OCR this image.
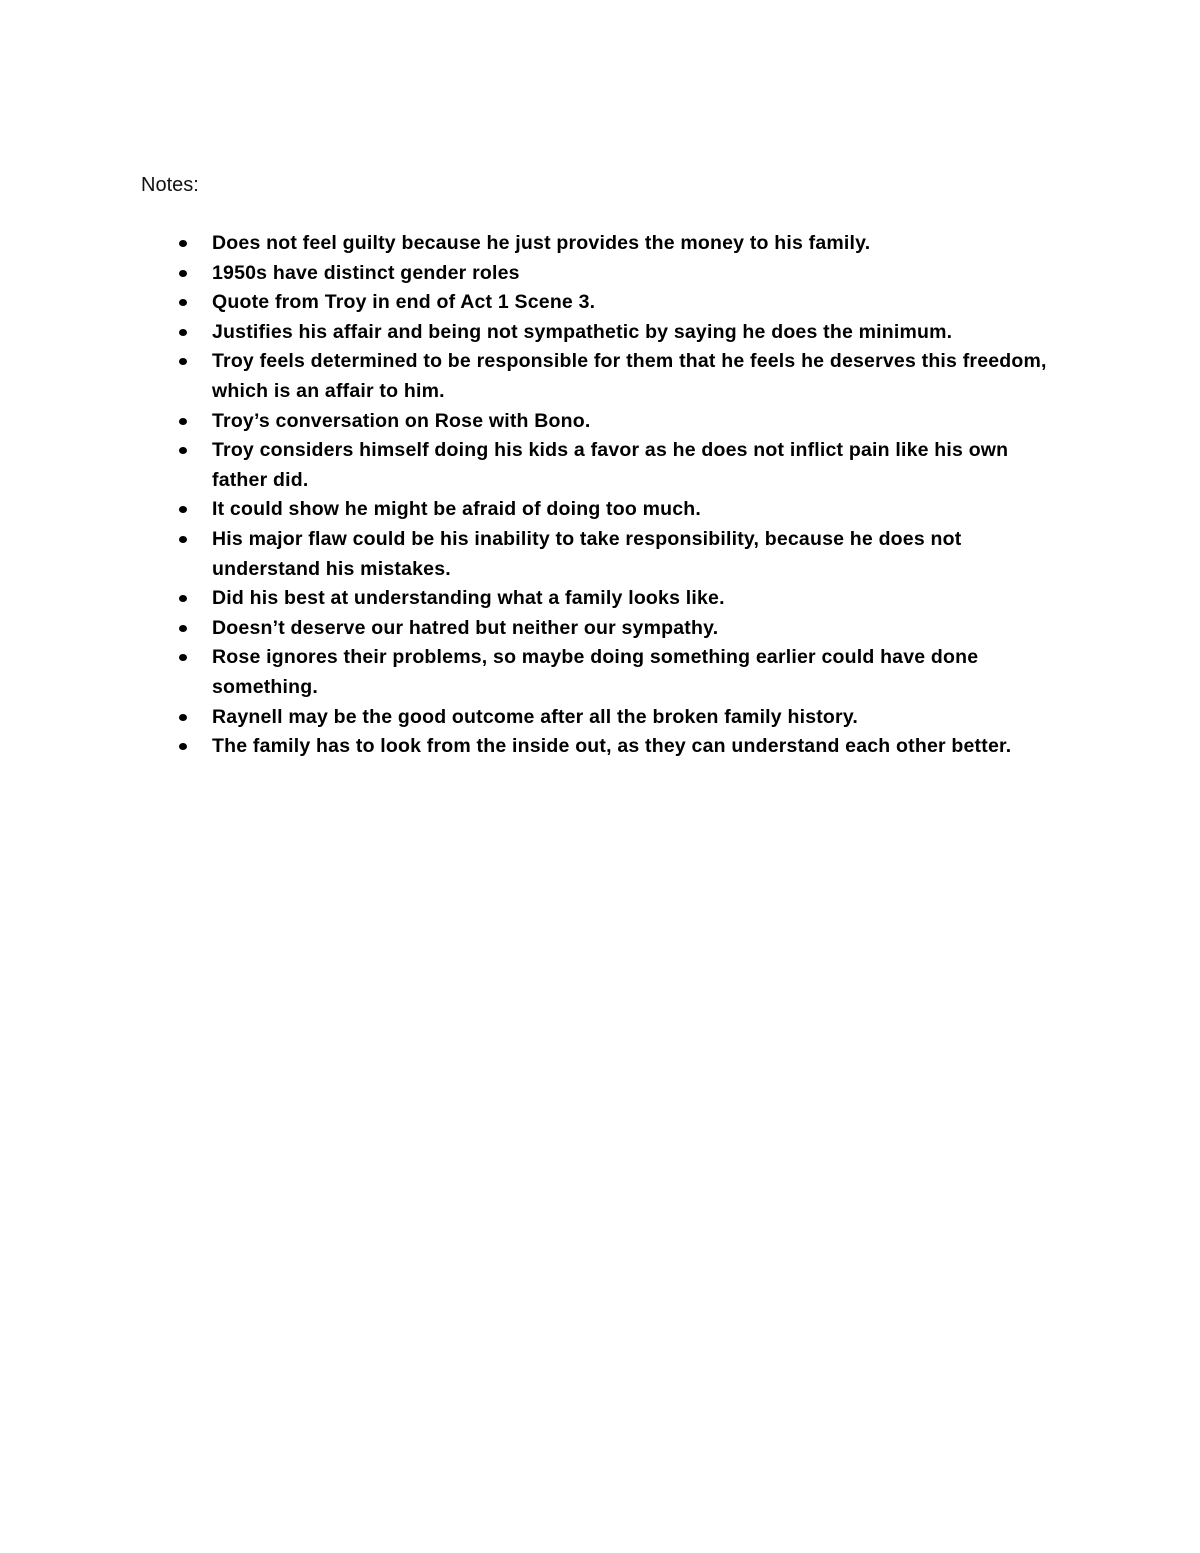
Notes:
Does not feel guilty because he just provides the money to his family.
1950s have distinct gender roles
Quote from Troy in end of Act 1 Scene 3.
Justifies his affair and being not sympathetic by saying he does the minimum.
Troy feels determined to be responsible for them that he feels he deserves this freedom, which is an affair to him.
Troy’s conversation on Rose with Bono.
Troy considers himself doing his kids a favor as he does not inflict pain like his own father did.
It could show he might be afraid of doing too much.
His major flaw could be his inability to take responsibility, because he does not understand his mistakes.
Did his best at understanding what a family looks like.
Doesn’t deserve our hatred but neither our sympathy.
Rose ignores their problems, so maybe doing something earlier could have done something.
Raynell may be the good outcome after all the broken family history.
The family has to look from the inside out, as they can understand each other better.
